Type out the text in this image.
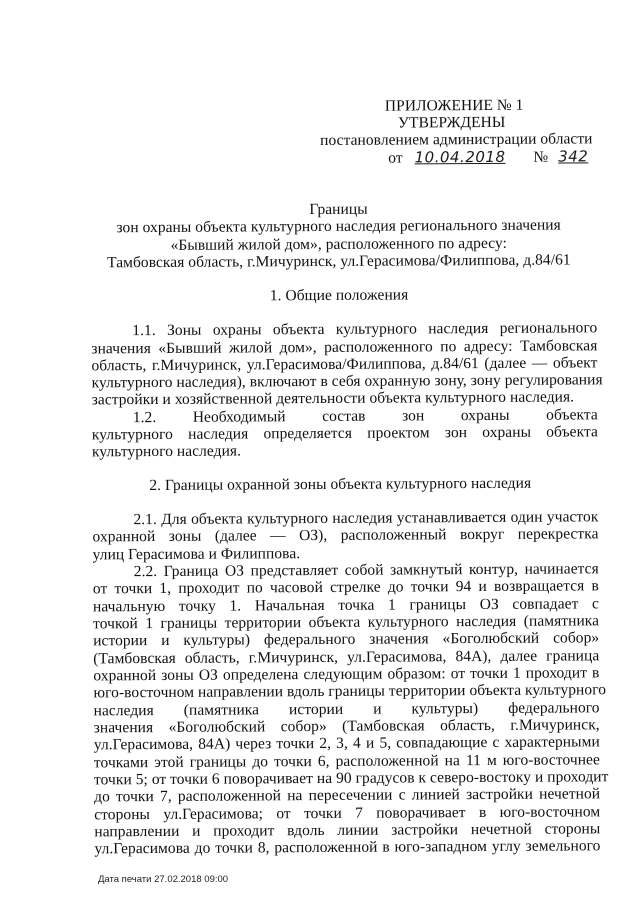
ПРИЛОЖЕНИЕ № 1
УТВЕРЖДЕНЫ
постановлением администрации области
от 10.04.2018 № 342
Границы
зон охраны объекта культурного наследия регионального значения
«Бывший жилой дом», расположенного по адресу:
Тамбовская область, г.Мичуринск, ул.Герасимова/Филиппова, д.84/61
1. Общие положения
1.1. Зоны охраны объекта культурного наследия регионального
значения «Бывший жилой дом», расположенного по адресу: Тамбовская
область, г.Мичуринск, ул.Герасимова/Филиппова, д.84/61 (далее — объект
культурного наследия), включают в себя охранную зону, зону регулирования
застройки и хозяйственной деятельности объекта культурного наследия.
1.2. Необходимый состав зон охраны объекта
культурного наследия определяется проектом зон охраны объекта
культурного наследия.
2. Границы охранной зоны объекта культурного наследия
2.1. Для объекта культурного наследия устанавливается один участок
охранной зоны (далее — ОЗ), расположенный вокруг перекрестка
улиц Герасимова и Филиппова.
2.2. Граница ОЗ представляет собой замкнутый контур, начинается
от точки 1, проходит по часовой стрелке до точки 94 и возвращается в
начальную точку 1. Начальная точка 1 границы ОЗ совпадает с
точкой 1 границы территории объекта культурного наследия (памятника
истории и культуры) федерального значения «Боголюбский собор»
(Тамбовская область, г.Мичуринск, ул.Герасимова, 84А), далее граница
охранной зоны ОЗ определена следующим образом: от точки 1 проходит в
юго-восточном направлении вдоль границы территории объекта культурного
наследия (памятника истории и культуры) федерального
значения «Боголюбский собор» (Тамбовская область, г.Мичуринск,
ул.Герасимова, 84А) через точки 2, 3, 4 и 5, совпадающие с характерными
точками этой границы до точки 6, расположенной на 11 м юго-восточнее
точки 5; от точки 6 поворачивает на 90 градусов к северо-востоку и проходит
до точки 7, расположенной на пересечении с линией застройки нечетной
стороны ул.Герасимова; от точки 7 поворачивает в юго-восточном
направлении и проходит вдоль линии застройки нечетной стороны
ул.Герасимова до точки 8, расположенной в юго-западном углу земельного
Дата печати 27.02.2018 09:00
